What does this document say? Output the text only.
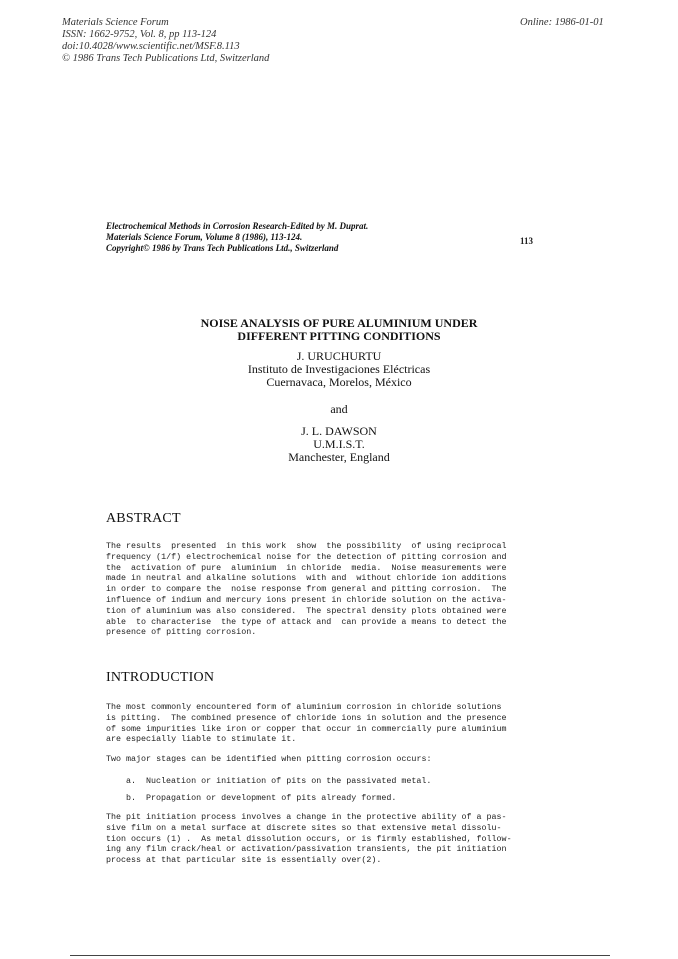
Materials Science Forum
ISSN: 1662-9752, Vol. 8, pp 113-124
doi:10.4028/www.scientific.net/MSF.8.113
© 1986 Trans Tech Publications Ltd, Switzerland
Online: 1986-01-01
Electrochemical Methods in Corrosion Research-Edited by M. Duprat.
Materials Science Forum, Volume 8 (1986), 113-124.
Copyright© 1986 by Trans Tech Publications Ltd., Switzerland
113
NOISE ANALYSIS OF PURE ALUMINIUM UNDER
DIFFERENT PITTING CONDITIONS
J. URUCHURTU
Instituto de Investigaciones Eléctricas
Cuernavaca, Morelos, México
and
J. L. DAWSON
U.M.I.S.T.
Manchester, England
ABSTRACT
The results  presented  in this work  show  the possibility  of using reciprocal
frequency (1/f) electrochemical noise for the detection of pitting corrosion and
the  activation of pure  aluminium  in chloride  media.  Noise measurements were
made in neutral and alkaline solutions  with and  without chloride ion additions
in order to compare the  noise response from general and pitting corrosion.  The
influence of indium and mercury ions present in chloride solution on the activa-
tion of aluminium was also considered.  The spectral density plots obtained were
able  to characterise  the type of attack and  can provide a means to detect the
presence of pitting corrosion.
INTRODUCTION
The most commonly encountered form of aluminium corrosion in chloride solutions
is pitting.  The combined presence of chloride ions in solution and the presence
of some impurities like iron or copper that occur in commercially pure aluminium
are especially liable to stimulate it.
Two major stages can be identified when pitting corrosion occurs:
a. Nucleation or initiation of pits on the passivated metal.
b. Propagation or development of pits already formed.
The pit initiation process involves a change in the protective ability of a pas-
sive film on a metal surface at discrete sites so that extensive metal dissolu-
tion occurs (1) .  As metal dissolution occurs, or is firmly established, follow-
ing any film crack/heal or activation/passivation transients, the pit initiation
process at that particular site is essentially over(2).
